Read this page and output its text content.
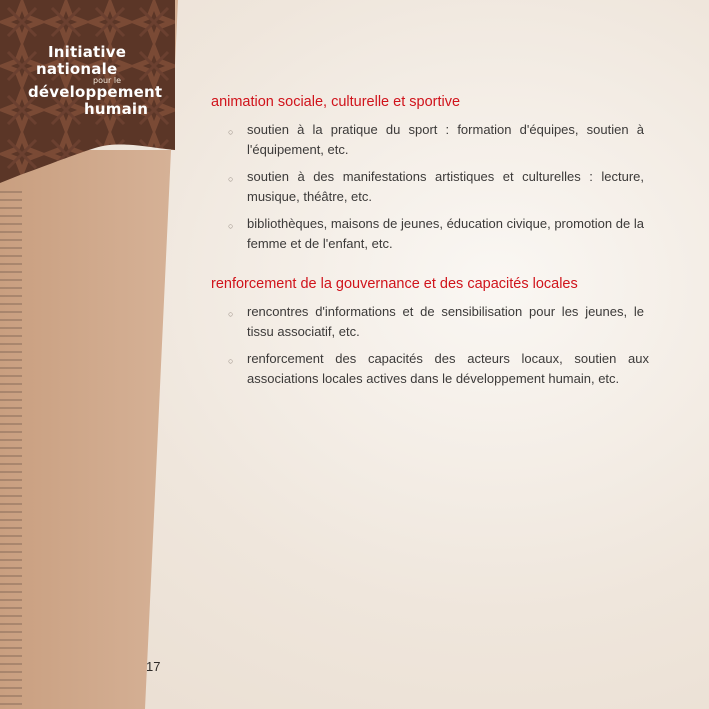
Initiative
nationale
pour le
développement
humain	animation sociale, culturelle et sportive
○ soutien à la pratique du sport : formation d'équipes, soutien à l'équipement, etc.
○ soutien à des manifestations artistiques et culturelles : lecture, musique, théâtre, etc.
○ bibliothèques, maisons de jeunes, éducation civique, promotion de la femme et de l'enfant, etc.
renforcement de la gouvernance et des capacités locales
○ rencontres d'informations et de sensibilisation pour les jeunes, le tissu associatif, etc.
○ renforcement des capacités des acteurs locaux, soutien aux associations locales actives dans le développement humain, etc.
17
